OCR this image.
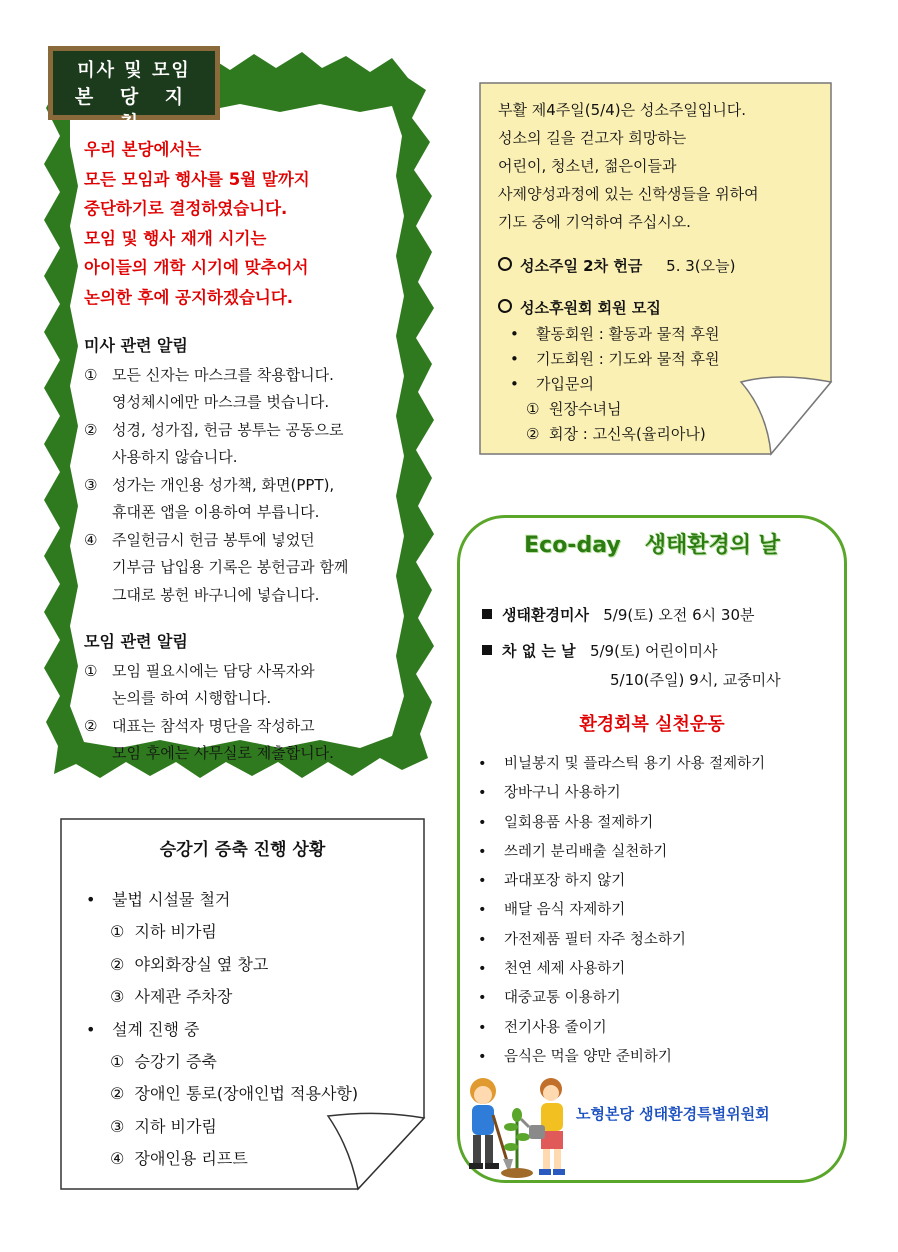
미사 및 모임
본 당 지 침
우리 본당에서는
모든 모임과 행사를 5월 말까지
중단하기로 결정하였습니다.
모임 및 행사 재개 시기는
아이들의 개학 시기에 맞추어서
논의한 후에 공지하겠습니다.
미사 관련 알림
① 모든 신자는 마스크를 착용합니다.
영성체시에만 마스크를 벗습니다.
② 성경, 성가집, 헌금 봉투는 공동으로
사용하지 않습니다.
③ 성가는 개인용 성가책, 화면(PPT),
휴대폰 앱을 이용하여 부릅니다.
④ 주일헌금시 헌금 봉투에 넣었던
기부금 납입용 기록은 봉헌금과 함께
그대로 봉헌 바구니에 넣습니다.
모임 관련 알림
① 모임 필요시에는 담당 사목자와
논의를 하여 시행합니다.
② 대표는 참석자 명단을 작성하고
모임 후에는 사무실로 제출합니다.
부활 제4주일(5/4)은 성소주일입니다.
성소의 길을 걷고자 희망하는
어린이, 청소년, 젊은이들과
사제양성과정에 있는 신학생들을 위하여
기도 중에 기억하여 주십시오.
성소주일 2차 헌금 5. 3(오늘)
성소후원회 회원 모집
• 활동회원 : 활동과 물적 후원
• 기도회원 : 기도와 물적 후원
• 가입문의
① 원장수녀님
② 회장 : 고신옥(율리아나)
Eco-day 생태환경의 날
생태환경미사 5/9(토) 오전 6시 30분
차 없 는 날 5/9(토) 어린이미사
5/10(주일) 9시, 교중미사
환경회복 실천운동
• 비닐봉지 및 플라스틱 용기 사용 절제하기
• 장바구니 사용하기
• 일회용품 사용 절제하기
• 쓰레기 분리배출 실천하기
• 과대포장 하지 않기
• 배달 음식 자제하기
• 가전제품 필터 자주 청소하기
• 천연 세제 사용하기
• 대중교통 이용하기
• 전기사용 줄이기
• 음식은 먹을 양만 준비하기
노형본당 생태환경특별위원회
승강기 증축 진행 상황
• 불법 시설물 철거
① 지하 비가림
② 야외화장실 옆 창고
③ 사제관 주차장
• 설계 진행 중
① 승강기 증축
② 장애인 통로(장애인법 적용사항)
③ 지하 비가림
④ 장애인용 리프트
